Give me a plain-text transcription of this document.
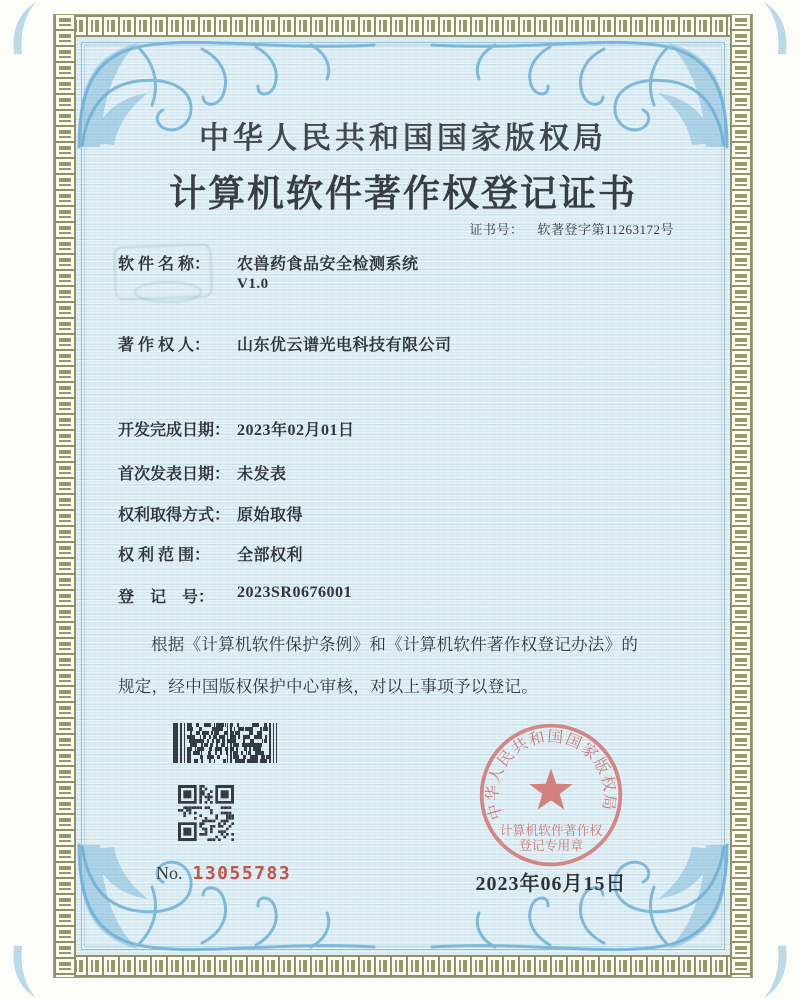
中华人民共和国国家版权局
计算机软件著作权登记证书
证书号： 软著登字第11263172号
软 件 名 称： 农兽药食品安全检测系统
V1.0
著 作 权 人： 山东优云谱光电科技有限公司
开发完成日期： 2023年02月01日
首次发表日期： 未发表
权利取得方式： 原始取得
权 利 范 围： 全部权利
登　记　号： 2023SR0676001
根据《计算机软件保护条例》和《计算机软件著作权登记办法》的
规定，经中国版权保护中心审核，对以上事项予以登记。
No. 13055783	2023年06月15日
中华人民共和国国家版权局
计算机软件著作权
登记专用章
